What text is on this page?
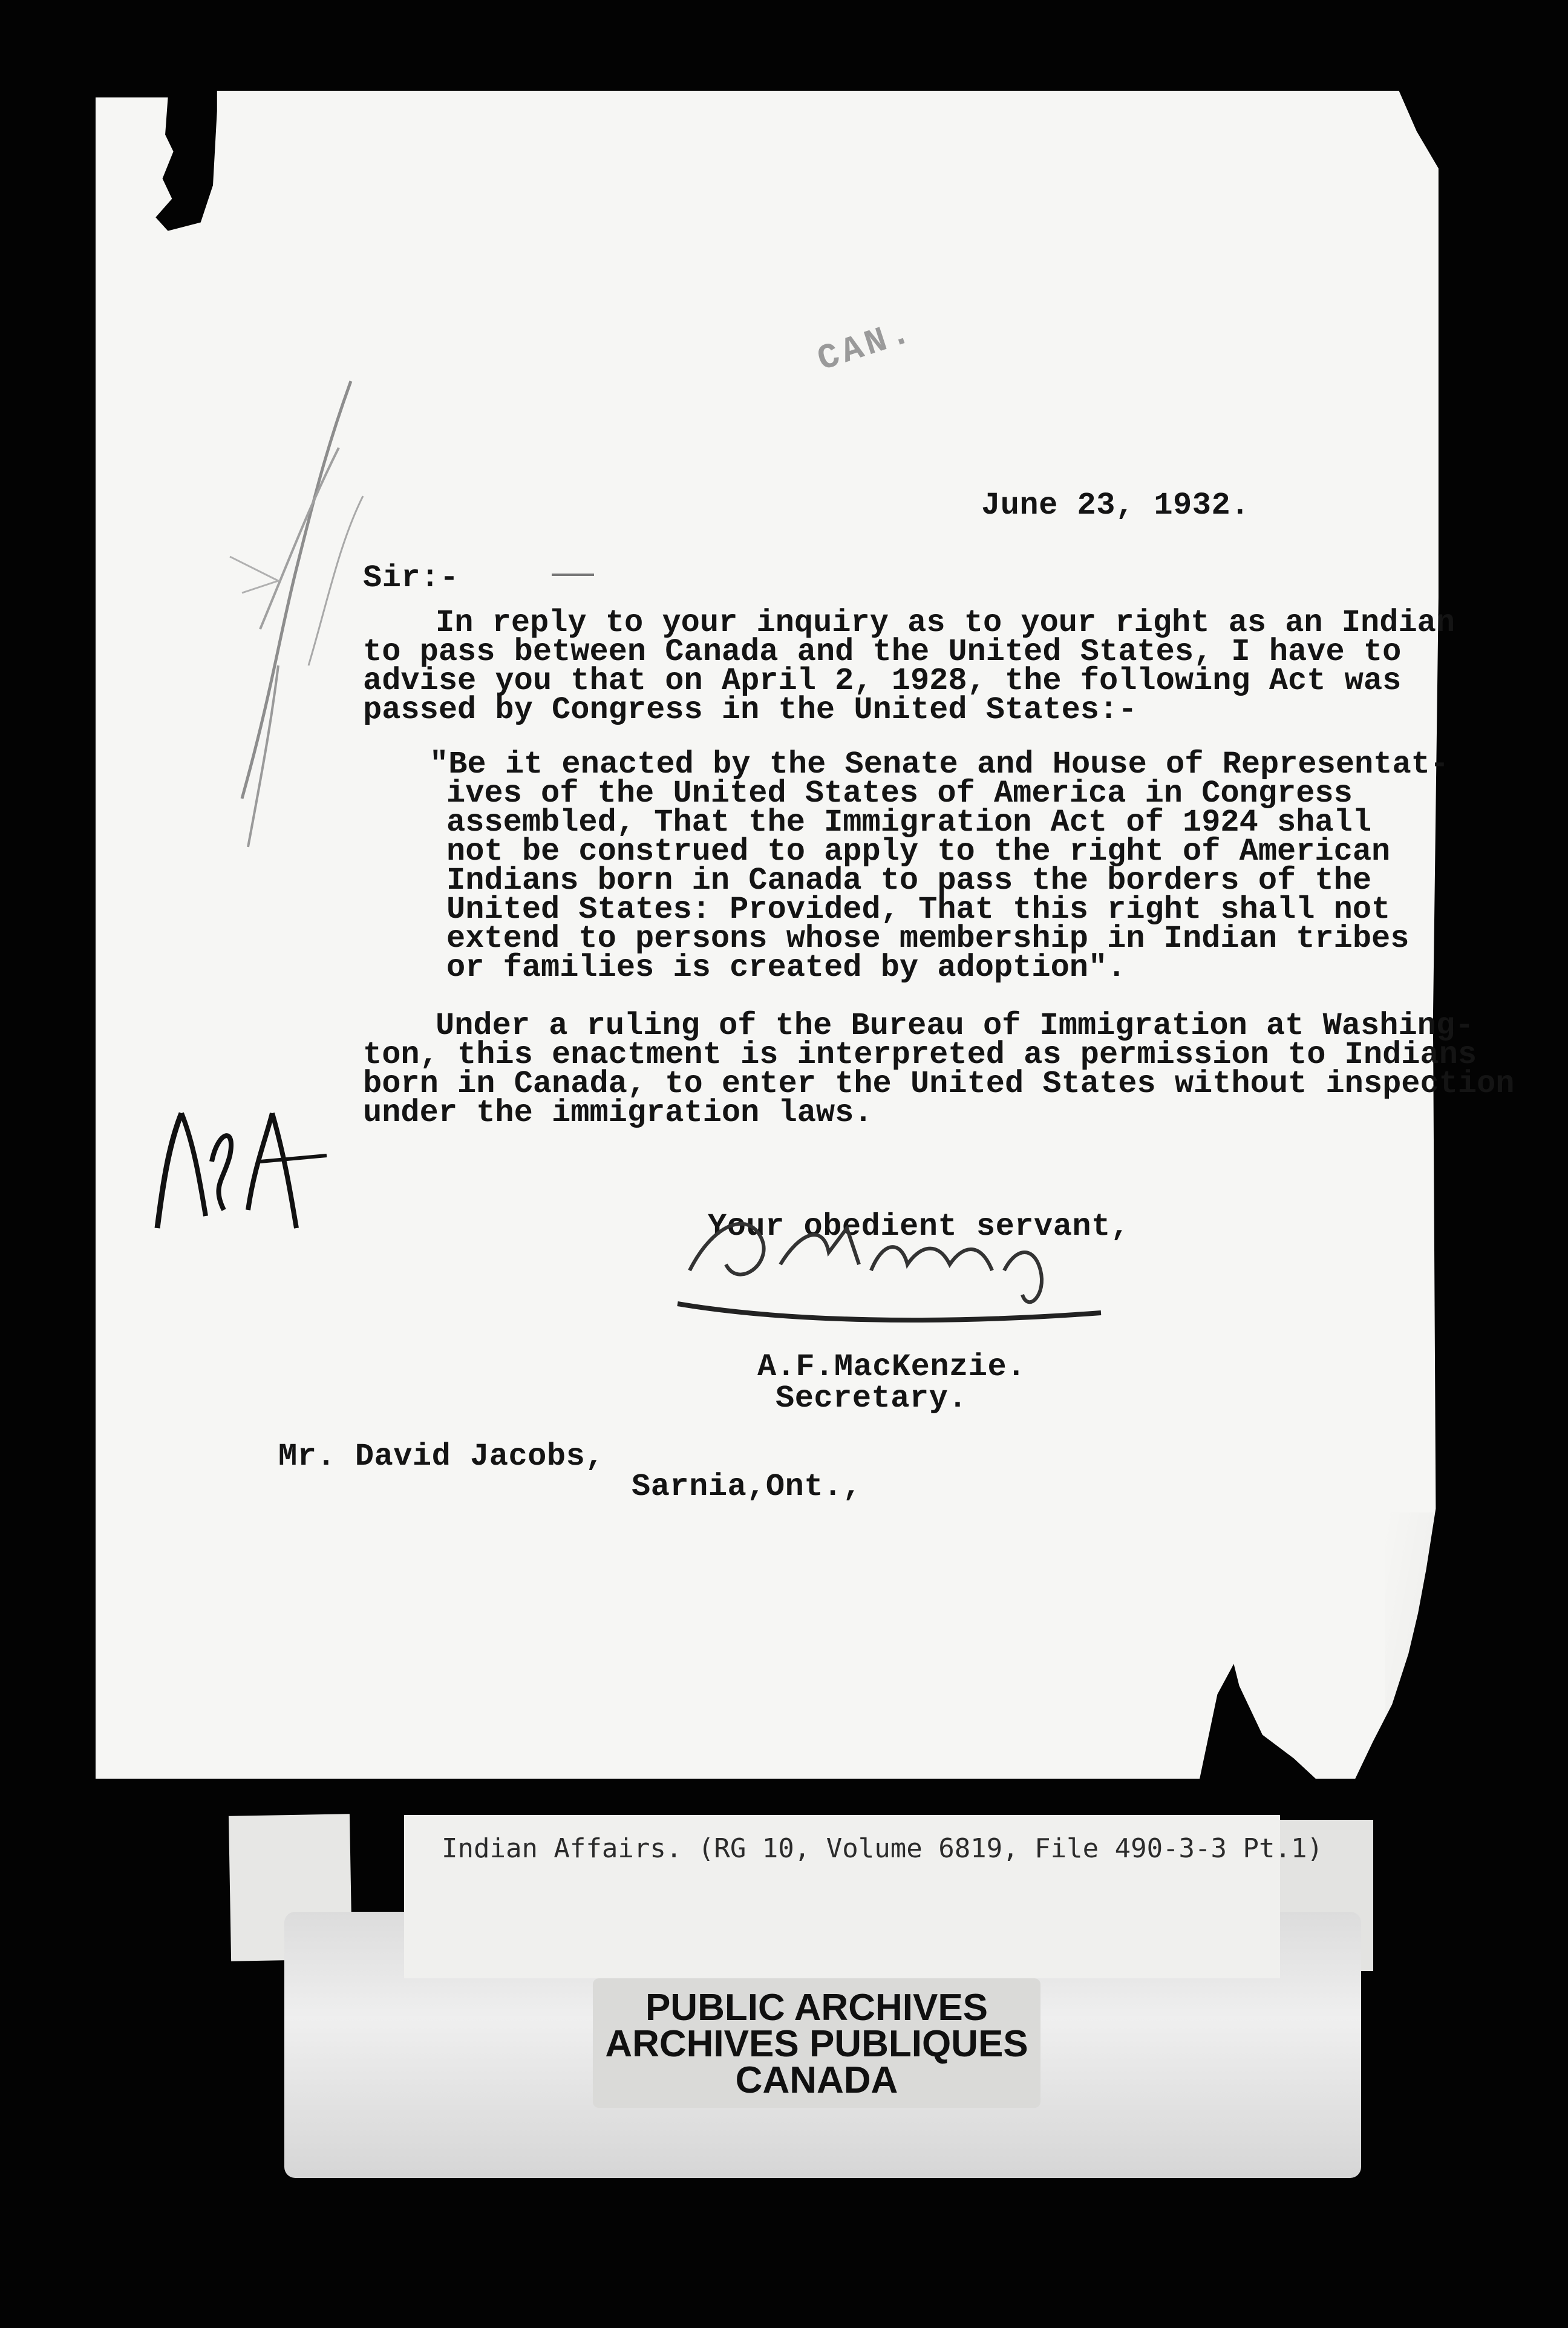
CAN.
June 23, 1932.
Sir:-
In reply to your inquiry as to your right as an Indian
to pass between Canada and the United States, I have to
advise you that on April 2, 1928, the following Act was
passed by Congress in the United States:-
"Be it enacted by the Senate and House of Representat-
ives of the United States of America in Congress
assembled, That the Immigration Act of 1924 shall
not be construed to apply to the right of American
Indians born in Canada to pass the borders of the
United States: Provided, That this right shall not
extend to persons whose membership in Indian tribes
or families is created by adoption".
Under a ruling of the Bureau of Immigration at Washing-
ton, this enactment is interpreted as permission to Indians
born in Canada, to enter the United States without inspection
under the immigration laws.
Your obedient servant,
A.F.MacKenzie.
Secretary.
Mr. David Jacobs,
Sarnia,Ont.,
Indian Affairs. (RG 10, Volume 6819, File 490-3-3 Pt.1)
PUBLIC ARCHIVES
ARCHIVES PUBLIQUES
CANADA
